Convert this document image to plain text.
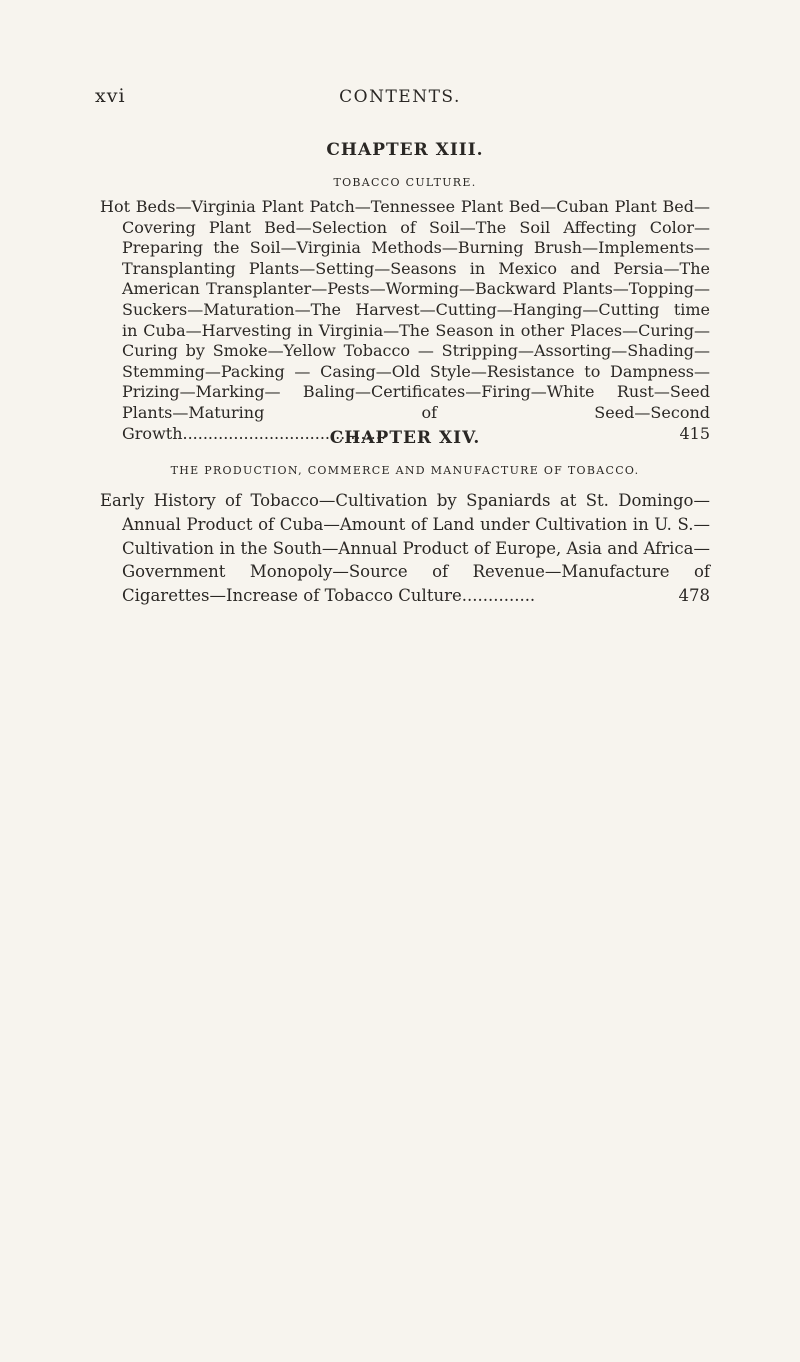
xvi	CONTENTS.
CHAPTER XIII.
TOBACCO CULTURE.

Hot Beds—Virginia Plant Patch—Tennessee Plant Bed—Cuban Plant Bed—Covering Plant Bed—Selection of Soil—The Soil Affecting Color—Preparing the Soil—Virginia Methods—Burning Brush—Implements—Transplanting Plants—Setting—Seasons in Mexico and Persia—The American Transplanter—Pests—Worming—Backward Plants—Topping—Suckers—Maturation—The Harvest—Cutting—Hanging—Cutting time in Cuba—Harvesting in Virginia—The Season in other Places—Curing—Curing by Smoke—Yellow Tobacco — Stripping—Assorting—Shading— Stemming—Packing — Casing—Old Style—Resistance to Dampness—Prizing—Marking— Baling—Certificates—Firing—White Rust—Seed Plants—Maturing of Seed—Second Growth........................................	415

CHAPTER XIV.
THE PRODUCTION, COMMERCE AND MANUFACTURE OF TOBACCO.

Early History of Tobacco—Cultivation by Spaniards at St. Domingo—Annual Product of Cuba—Amount of Land under Cultivation in U. S.—Cultivation in the South—Annual Product of Europe, Asia and Africa—Government Monopoly—Source of Revenue—Manufacture of Cigarettes—Increase of Tobacco Culture..............	478
